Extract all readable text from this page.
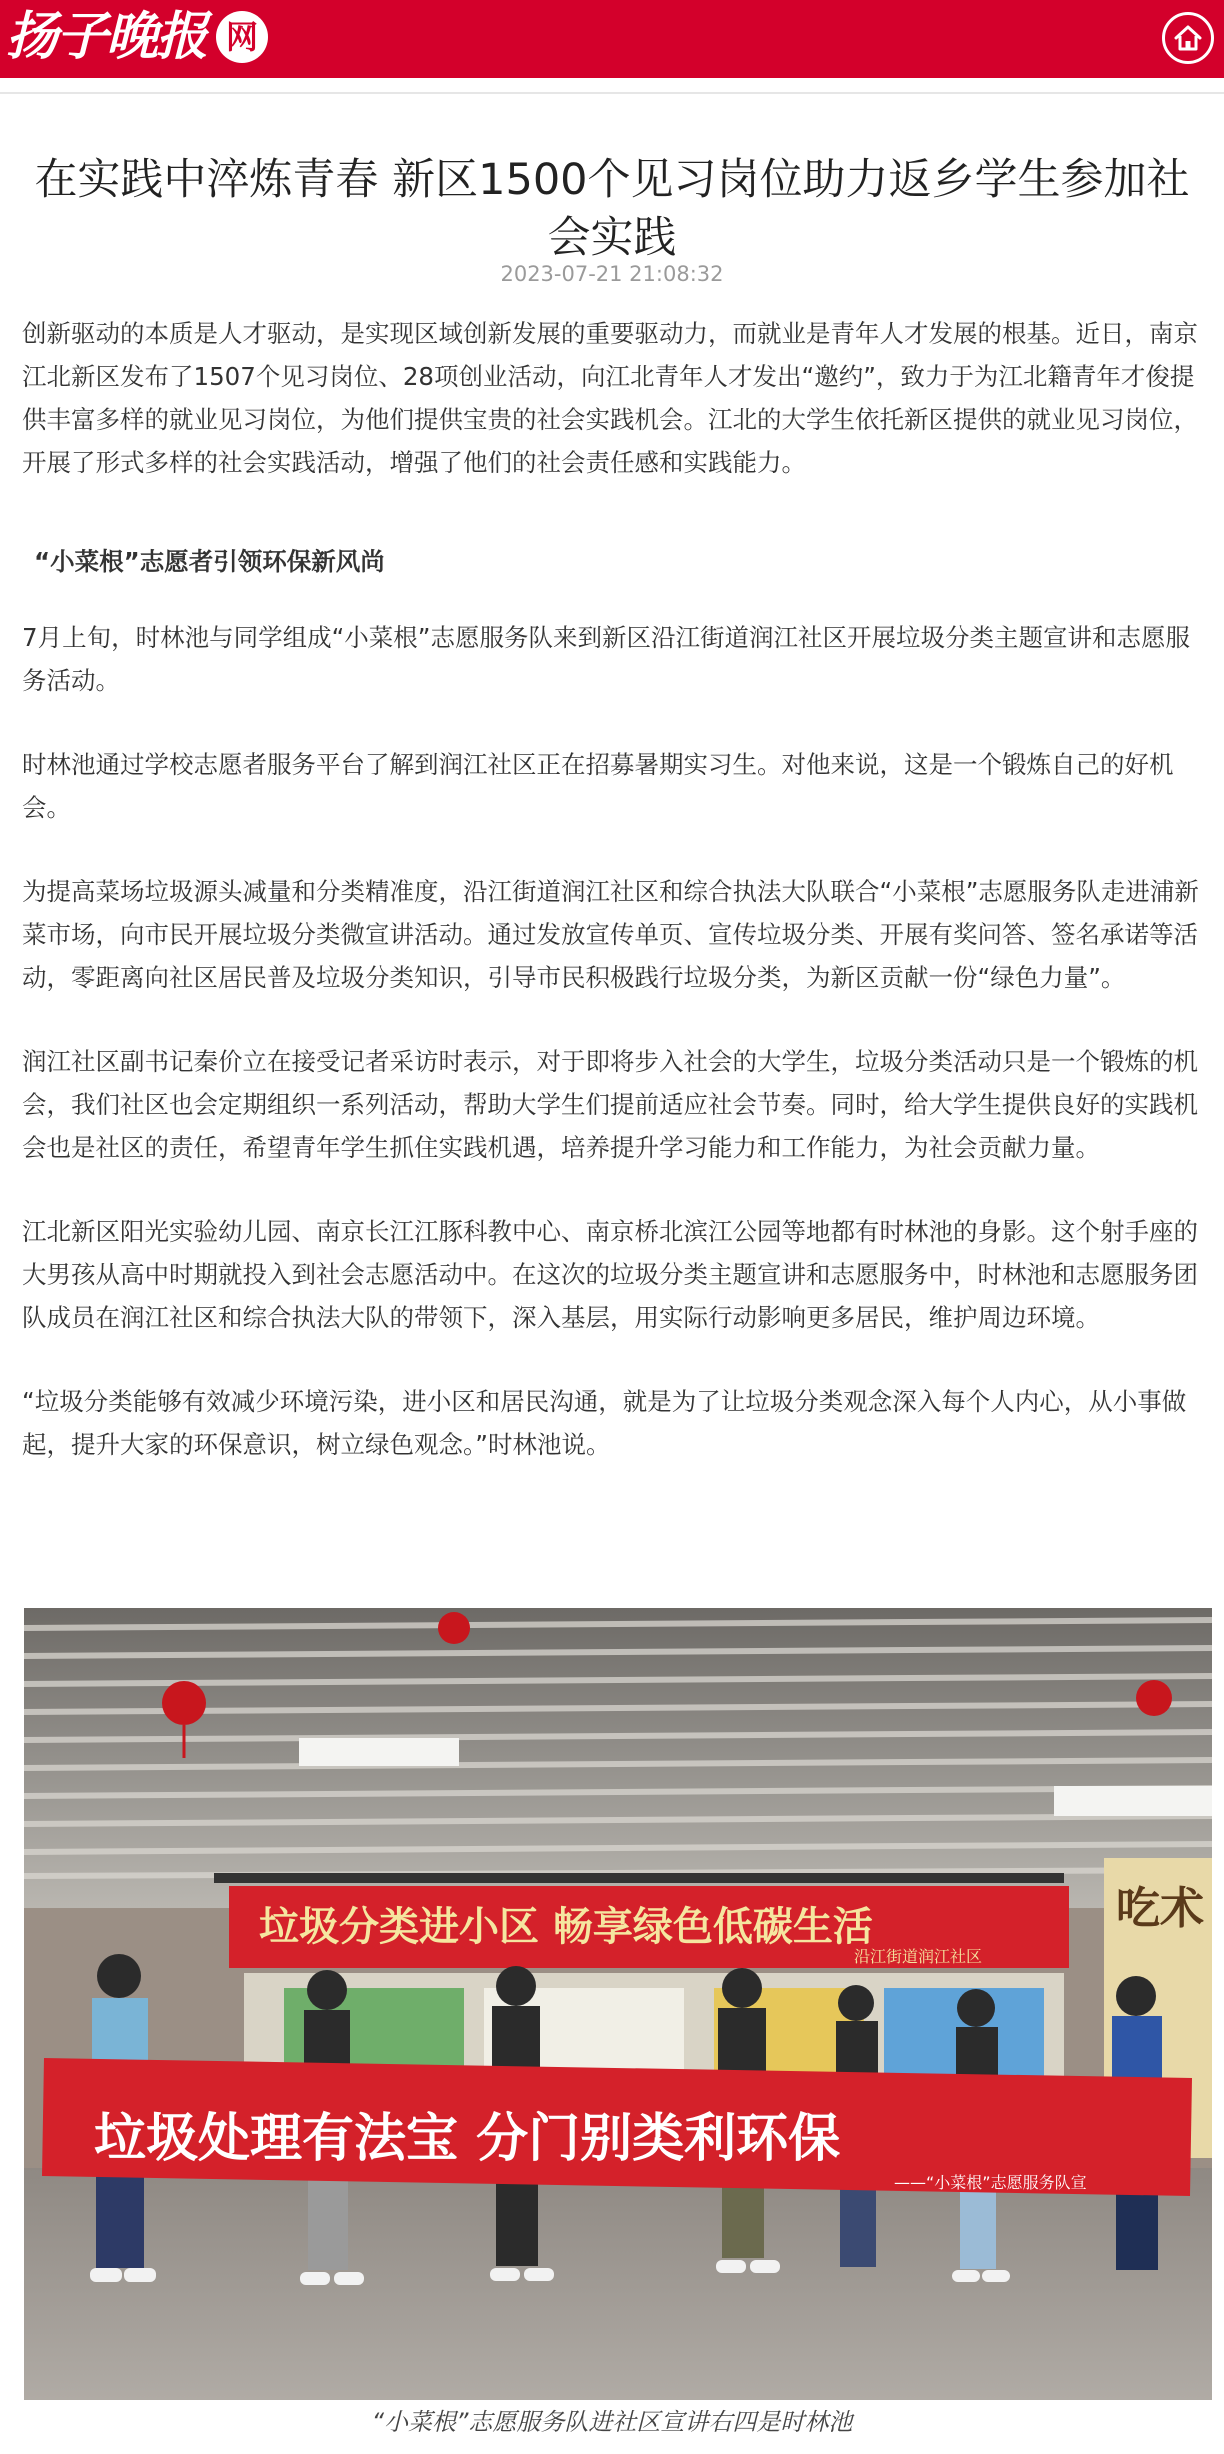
扬子晚报 网
在实践中淬炼青春 新区1500个见习岗位助力返乡学生参加社会实践
2023-07-21 21:08:32

创新驱动的本质是人才驱动，是实现区域创新发展的重要驱动力，而就业是青年人才发展的根基。近日，南京江北新区发布了1507个见习岗位、28项创业活动，向江北青年人才发出“邀约”，致力于为江北籍青年才俊提供丰富多样的就业见习岗位，为他们提供宝贵的社会实践机会。江北的大学生依托新区提供的就业见习岗位，开展了形式多样的社会实践活动，增强了他们的社会责任感和实践能力。

“小菜根”志愿者引领环保新风尚

7月上旬，时林池与同学组成“小菜根”志愿服务队来到新区沿江街道润江社区开展垃圾分类主题宣讲和志愿服务活动。

时林池通过学校志愿者服务平台了解到润江社区正在招募暑期实习生。对他来说，这是一个锻炼自己的好机会。

为提高菜场垃圾源头减量和分类精准度，沿江街道润江社区和综合执法大队联合“小菜根”志愿服务队走进浦新菜市场，向市民开展垃圾分类微宣讲活动。通过发放宣传单页、宣传垃圾分类、开展有奖问答、签名承诺等活动，零距离向社区居民普及垃圾分类知识，引导市民积极践行垃圾分类，为新区贡献一份“绿色力量”。

润江社区副书记秦价立在接受记者采访时表示，对于即将步入社会的大学生，垃圾分类活动只是一个锻炼的机会，我们社区也会定期组织一系列活动，帮助大学生们提前适应社会节奏。同时，给大学生提供良好的实践机会也是社区的责任，希望青年学生抓住实践机遇，培养提升学习能力和工作能力，为社会贡献力量。

江北新区阳光实验幼儿园、南京长江江豚科教中心、南京桥北滨江公园等地都有时林池的身影。这个射手座的大男孩从高中时期就投入到社会志愿活动中。在这次的垃圾分类主题宣讲和志愿服务中，时林池和志愿服务团队成员在润江社区和综合执法大队的带领下，深入基层，用实际行动影响更多居民，维护周边环境。

“垃圾分类能够有效减少环境污染，进小区和居民沟通，就是为了让垃圾分类观念深入每个人内心，从小事做起，提升大家的环保意识，树立绿色观念。”时林池说。

吃术
垃圾分类进小区 畅享绿色低碳生活
沿江街道润江社区
垃圾处理有法宝 分门别类利环保
——“小菜根”志愿服务队宣
“小菜根”志愿服务队进社区宣讲右四是时林池
